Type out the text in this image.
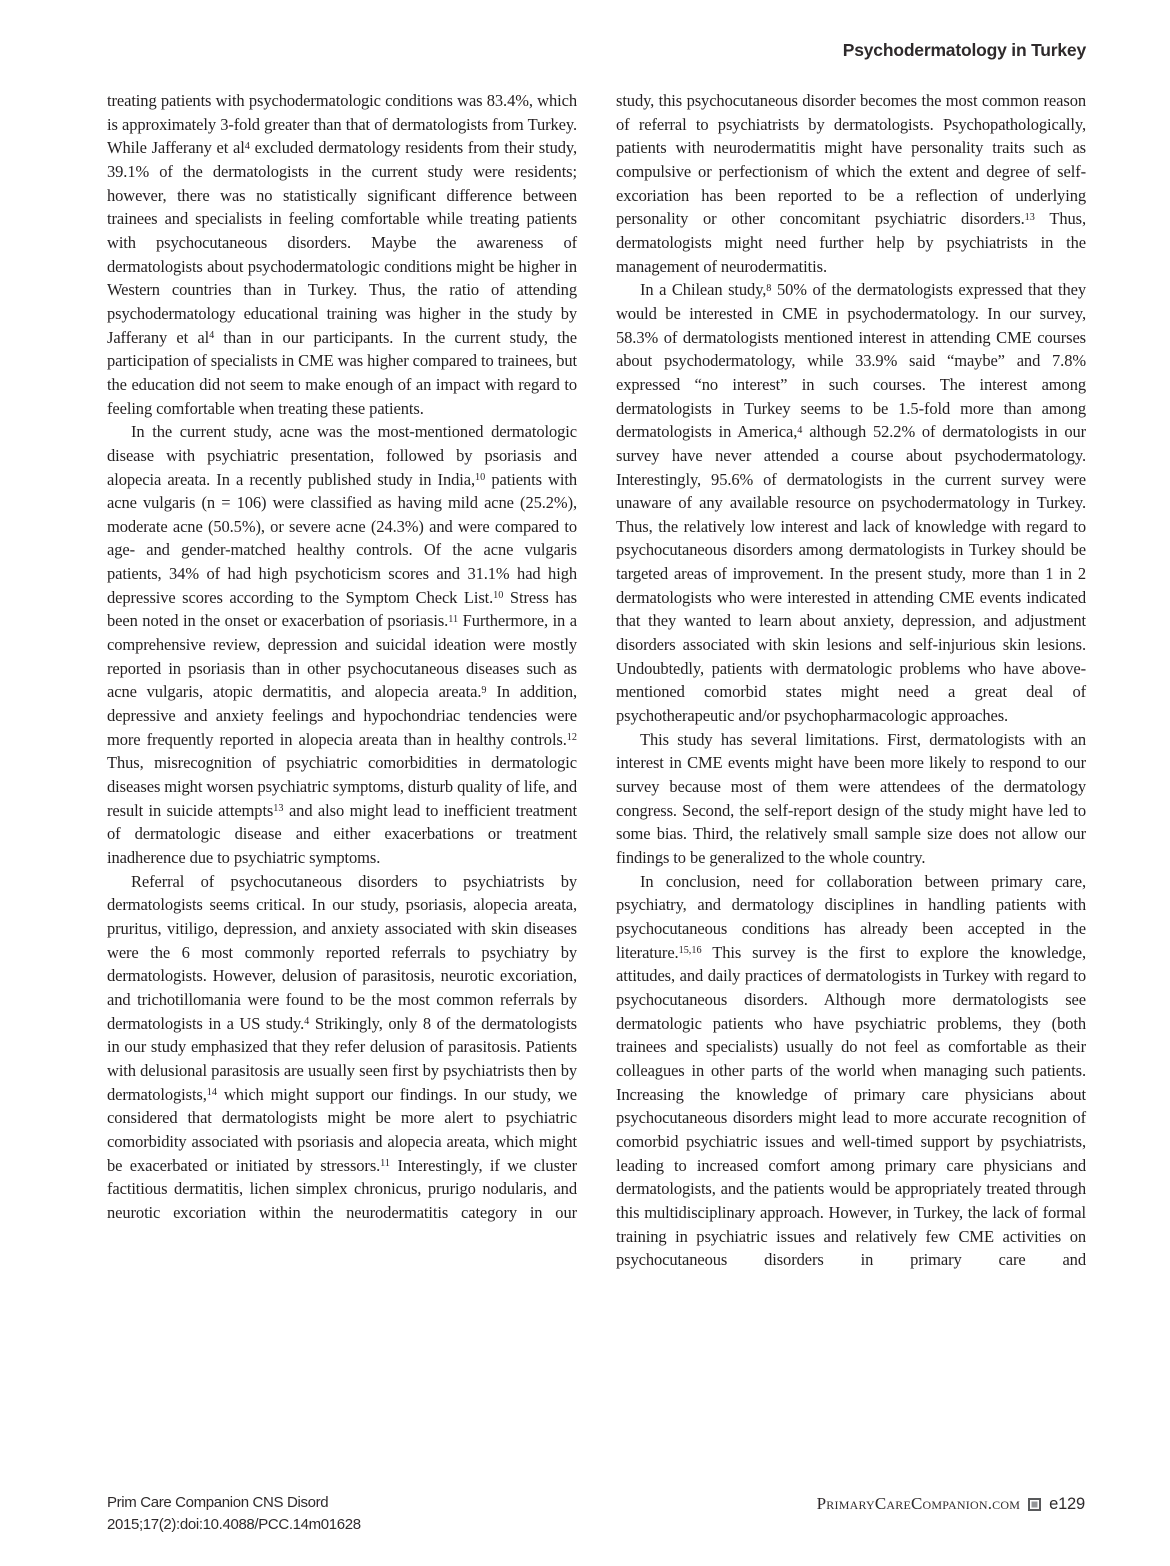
Psychodermatology in Turkey

treating patients with psychodermatologic conditions was 83.4%, which is approximately 3-fold greater than that of dermatologists from Turkey. While Jafferany et $al^4$ excluded dermatology residents from their study, 39.1% of the dermatologists in the current study were residents; however, there was no statistically significant difference between trainees and specialists in feeling comfortable while treating patients with psychocutaneous disorders. Maybe the awareness of dermatologists about psychodermatologic conditions might be higher in Western countries than in Turkey. Thus, the ratio of attending psychodermatology educational training was higher in the study by Jafferany et $al^4$ than in our participants. In the current study, the participation of specialists in CME was higher compared to trainees, but the education did not seem to make enough of an impact with regard to feeling comfortable when treating these patients.

In the current study, acne was the most-mentioned dermatologic disease with psychiatric presentation, followed by psoriasis and alopecia areata. In a recently published study in India,$^{10}$ patients with acne vulgaris (n = 106) were classified as having mild acne (25.2%), moderate acne (50.5%), or severe acne (24.3%) and were compared to age- and gender-matched healthy controls. Of the acne vulgaris patients, 34% of had high psychoticism scores and 31.1% had high depressive scores according to the Symptom Check List.$^{10}$ Stress has been noted in the onset or exacerbation of psoriasis.$^{11}$ Furthermore, in a comprehensive review, depression and suicidal ideation were mostly reported in psoriasis than in other psychocutaneous diseases such as acne vulgaris, atopic dermatitis, and alopecia areata.$^9$ In addition, depressive and anxiety feelings and hypochondriac tendencies were more frequently reported in alopecia areata than in healthy controls.$^{12}$ Thus, misrecognition of psychiatric comorbidities in dermatologic diseases might worsen psychiatric symptoms, disturb quality of life, and result in suicide attempts$^{13}$ and also might lead to inefficient treatment of dermatologic disease and either exacerbations or treatment inadherence due to psychiatric symptoms.

Referral of psychocutaneous disorders to psychiatrists by dermatologists seems critical. In our study, psoriasis, alopecia areata, pruritus, vitiligo, depression, and anxiety associated with skin diseases were the 6 most commonly reported referrals to psychiatry by dermatologists. However, delusion of parasitosis, neurotic excoriation, and trichotillomania were found to be the most common referrals by dermatologists in a US study.$^4$ Strikingly, only 8 of the dermatologists in our study emphasized that they refer delusion of parasitosis. Patients with delusional parasitosis are usually seen first by psychiatrists then by dermatologists,$^{14}$ which might support our findings. In our study, we considered that dermatologists might be more alert to psychiatric comorbidity associated with psoriasis and alopecia areata, which might be exacerbated or initiated by stressors.$^{11}$ Interestingly, if we cluster factitious dermatitis, lichen simplex chronicus, prurigo nodularis, and neurotic excoriation within the neurodermatitis category in our

study, this psychocutaneous disorder becomes the most common reason of referral to psychiatrists by dermatologists. Psychopathologically, patients with neurodermatitis might have personality traits such as compulsive or perfectionism of which the extent and degree of self-excoriation has been reported to be a reflection of underlying personality or other concomitant psychiatric disorders.$^{13}$ Thus, dermatologists might need further help by psychiatrists in the management of neurodermatitis.

In a Chilean study,$^8$ 50% of the dermatologists expressed that they would be interested in CME in psychodermatology. In our survey, 58.3% of dermatologists mentioned interest in attending CME courses about psychodermatology, while 33.9% said “maybe” and 7.8% expressed “no interest” in such courses. The interest among dermatologists in Turkey seems to be 1.5-fold more than among dermatologists in America,$^4$ although 52.2% of dermatologists in our survey have never attended a course about psychodermatology. Interestingly, 95.6% of dermatologists in the current survey were unaware of any available resource on psychodermatology in Turkey. Thus, the relatively low interest and lack of knowledge with regard to psychocutaneous disorders among dermatologists in Turkey should be targeted areas of improvement. In the present study, more than 1 in 2 dermatologists who were interested in attending CME events indicated that they wanted to learn about anxiety, depression, and adjustment disorders associated with skin lesions and self-injurious skin lesions. Undoubtedly, patients with dermatologic problems who have above-mentioned comorbid states might need a great deal of psychotherapeutic and/or psychopharmacologic approaches.

This study has several limitations. First, dermatologists with an interest in CME events might have been more likely to respond to our survey because most of them were attendees of the dermatology congress. Second, the self-report design of the study might have led to some bias. Third, the relatively small sample size does not allow our findings to be generalized to the whole country.

In conclusion, need for collaboration between primary care, psychiatry, and dermatology disciplines in handling patients with psychocutaneous conditions has already been accepted in the literature.$^{15,16}$ This survey is the first to explore the knowledge, attitudes, and daily practices of dermatologists in Turkey with regard to psychocutaneous disorders. Although more dermatologists see dermatologic patients who have psychiatric problems, they (both trainees and specialists) usually do not feel as comfortable as their colleagues in other parts of the world when managing such patients. Increasing the knowledge of primary care physicians about psychocutaneous disorders might lead to more accurate recognition of comorbid psychiatric issues and well-timed support by psychiatrists, leading to increased comfort among primary care physicians and dermatologists, and the patients would be appropriately treated through this multidisciplinary approach. However, in Turkey, the lack of formal training in psychiatric issues and relatively few CME activities on psychocutaneous disorders in primary care and

Prim Care Companion CNS Disord
2015;17(2):doi:10.4088/PCC.14m01628
PrimaryCareCompanion.com e129
